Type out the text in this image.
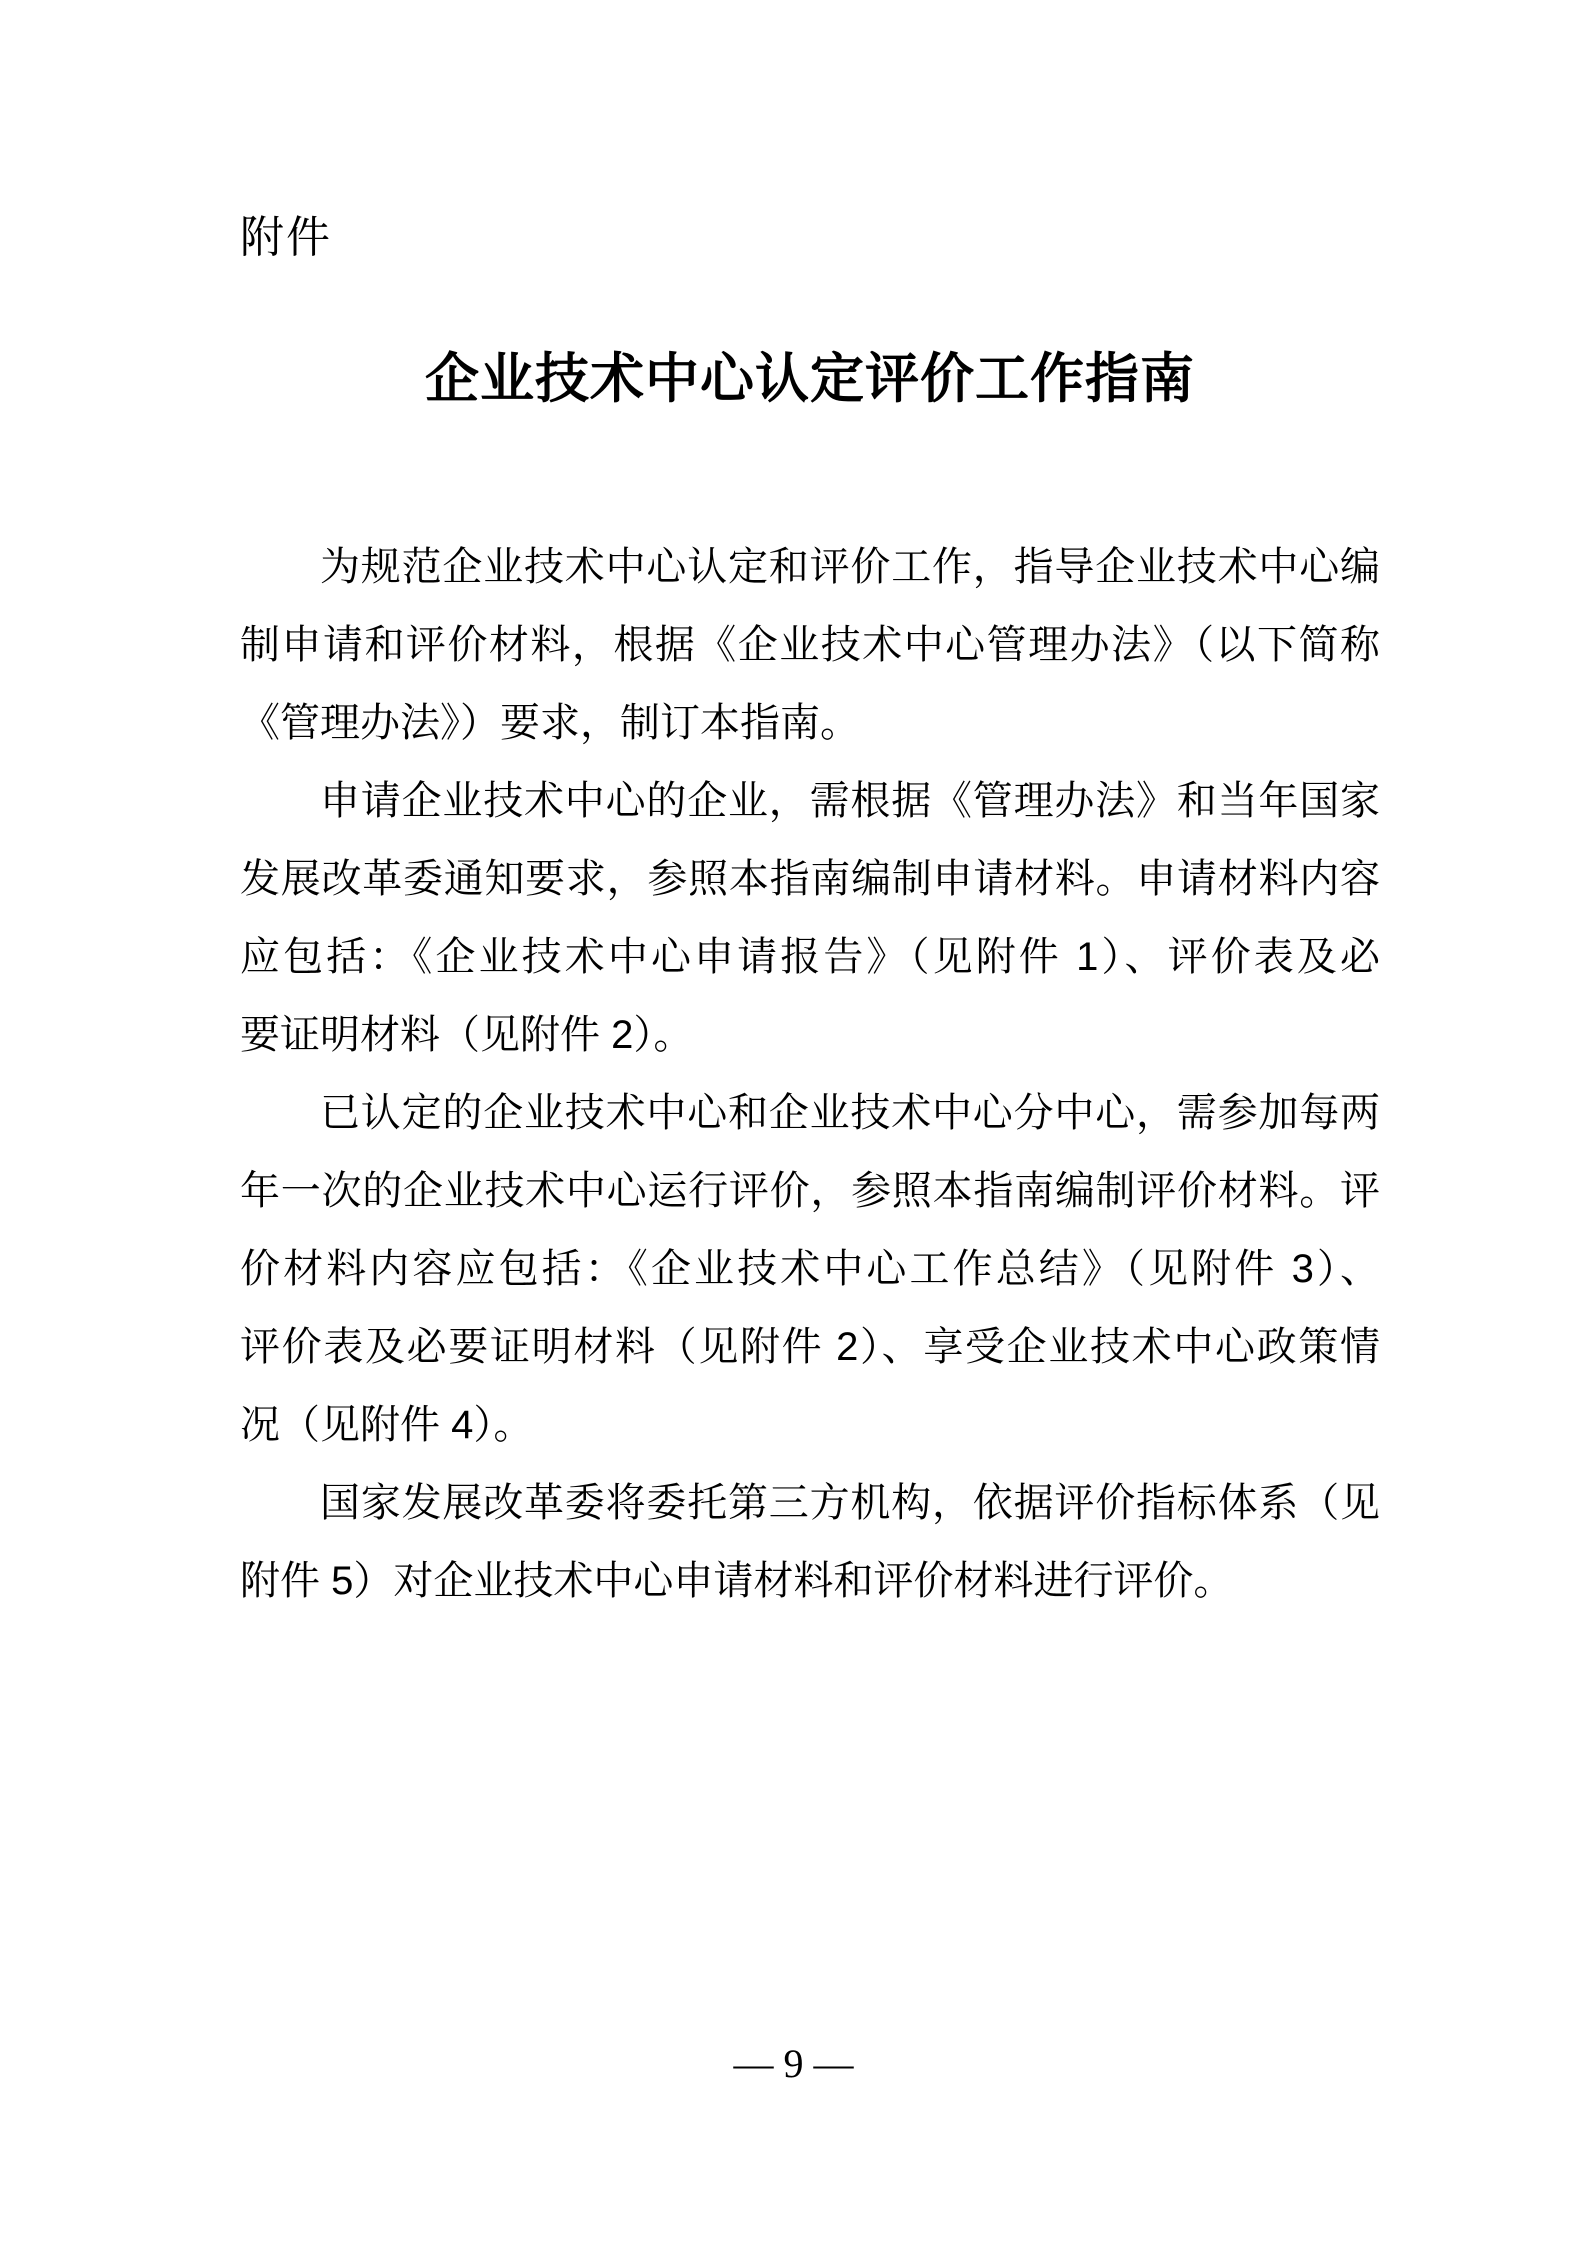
附件
企业技术中心认定评价工作指南
为规范企业技术中心认定和评价工作，指导企业技术中心编
制申请和评价材料，根据《企业技术中心管理办法》（以下简称
《管理办法》）要求，制订本指南。
申请企业技术中心的企业，需根据《管理办法》和当年国家
发展改革委通知要求，参照本指南编制申请材料。申请材料内容
应包括：《企业技术中心申请报告》（见附件 1）、评价表及必
要证明材料（见附件 2）。
已认定的企业技术中心和企业技术中心分中心，需参加每两
年一次的企业技术中心运行评价，参照本指南编制评价材料。评
价材料内容应包括：《企业技术中心工作总结》（见附件 3）、
评价表及必要证明材料（见附件 2）、享受企业技术中心政策情
况（见附件 4）。
国家发展改革委将委托第三方机构，依据评价指标体系（见
附件 5）对企业技术中心申请材料和评价材料进行评价。
— 9 —
